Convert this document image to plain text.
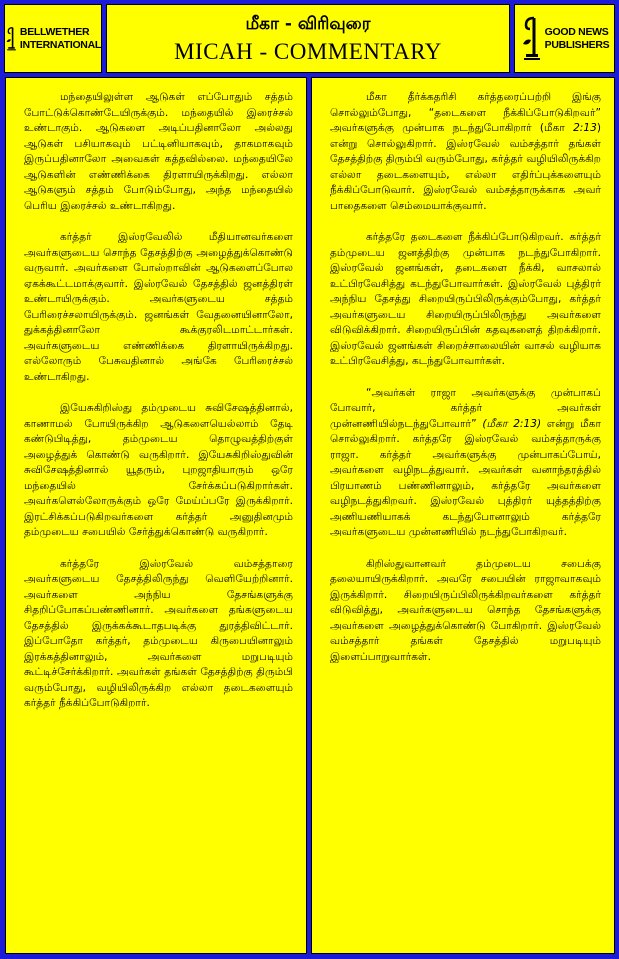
BELLWETHER
INTERNATIONAL
மீகா - விரிவுரை
MICAH - COMMENTARY
GOOD NEWS
PUBLISHERS

மந்தையிலுள்ள ஆடுகள் எப்போதும் சத்தம் போட்டுக்கொண்டேயிருக்கும். மந்தையில் இரைச்சல் உண்டாகும். ஆடுகளை அடிப்பதினாலோ அல்லது ஆடுகள் பசியாகவும் பட்டினியாகவும், தாகமாகவும் இருப்பதினாலோ அவைகள் கத்தவில்லை. மந்தையிலே ஆடுகளின் எண்ணிக்கை திரளாயிருக்கிறது. எல்லா ஆடுகளும் சத்தம் போடும்போது, அந்த மந்தையில் பெரிய இரைச்சல் உண்டாகிறது.

கர்த்தர் இஸ்ரவேலில் மீதியானவர்களை அவர்களுடைய சொந்த தேசத்திற்கு அழைத்துக்கொண்டு வருவார். அவர்களை போஸ்றாவின் ஆடுகளைப்போல ஏகக்கூட்டமாக்குவார். இஸ்ரவேல் தேசத்தில் ஜனத்திரள் உண்டாயிருக்கும். அவர்களுடைய சத்தம் பேரிரைச்சலாயிருக்கும். ஜனங்கள் வேதனையினாலோ, துக்கத்தினாலோ கூக்குரலிடமாட்டார்கள். அவர்களுடைய எண்ணிக்கை திரளாயிருக்கிறது. எல்லோரும் பேசுவதினால் அங்கே பேரிரைச்சல் உண்டாகிறது.

இயேசுகிறிஸ்து தம்முடைய சுவிசேஷத்தினால், காணாமல் போயிருக்கிற ஆடுகளையெல்லாம் தேடி கண்டுபிடித்து, தம்முடைய தொழுவத்திற்குள் அழைத்துக் கொண்டு வருகிறார். இயேசுகிறிஸ்துவின் சுவிசேஷத்தினால் யூதரும், புறஜாதியாரும் ஒரே மந்தையில் சேர்க்கப்படுகிறார்கள். அவர்களெல்லோருக்கும் ஒரே மேய்ப்பரே இருக்கிறார். இரட்சிக்கப்படுகிறவர்களை கர்த்தர் அனுதினமும் தம்முடைய சபையில் சேர்த்துக்கொண்டு வருகிறார்.

கர்த்தரே இஸ்ரவேல் வம்சத்தாரை அவர்களுடைய தேசத்திலிருந்து வெளியேற்றினார். அவர்களை அந்நிய தேசங்களுக்கு சிதறிப்போகப்பண்ணினார். அவர்களை தங்களுடைய தேசத்தில் இருக்கக்கூடாதபடிக்கு துரத்திவிட்டார். இப்போதோ கர்த்தர், தம்முடைய கிருபையினாலும் இரக்கத்தினாலும், அவர்களை மறுபடியும் கூட்டிச்சேர்க்கிறார். அவர்கள் தங்கள் தேசத்திற்கு திரும்பி வரும்போது, வழியிலிருக்கிற எல்லா தடைகளையும் கர்த்தர் நீக்கிப்போடுகிறார்.

மீகா தீர்க்கதரிசி கர்த்தரைப்பற்றி இங்கு சொல்லும்போது, “தடைகளை நீக்கிப்போடுகிறவர்” அவர்களுக்கு முன்பாக நடந்துபோகிறார் (மீகா 2:13) என்று சொல்லுகிறார். இஸ்ரவேல் வம்சத்தார் தங்கள் தேசத்திற்கு திரும்பி வரும்போது, கர்த்தர் வழியிலிருக்கிற எல்லா தடைகளையும், எல்லா எதிர்ப்புக்களையும் நீக்கிப்போடுவார். இஸ்ரவேல் வம்சத்தாருக்காக அவர் பாதைகளை செம்மையாக்குவார்.

கர்த்தரே தடைகளை நீக்கிப்போடுகிறவர். கர்த்தர் தம்முடைய ஜனத்திற்கு முன்பாக நடந்துபோகிறார். இஸ்ரவேல் ஜனங்கள், தடைகளை நீக்கி, வாசலால் உட்பிரவேசித்து கடந்துபோவார்கள். இஸ்ரவேல் புத்திரர் அந்நிய தேசத்து சிறையிருப்பிலிருக்கும்போது, கர்த்தர் அவர்களுடைய சிறையிருப்பிலிருந்து அவர்களை விடுவிக்கிறார். சிறையிருப்பின் கதவுகளைத் திறக்கிறார். இஸ்ரவேல் ஜனங்கள் சிறைச்சாலையின் வாசல் வழியாக உட்பிரவேசித்து, கடந்துபோவார்கள்.

“அவர்கள் ராஜா அவர்களுக்கு முன்பாகப் போவார், கர்த்தர் அவர்கள் முன்னணியில்நடந்துபோவார்” (மீகா 2:13) என்று மீகா சொல்லுகிறார். கர்த்தரே இஸ்ரவேல் வம்சத்தாருக்கு ராஜா. கர்த்தர் அவர்களுக்கு முன்பாகப்போய், அவர்களை வழிநடத்துவார். அவர்கள் வனாந்தரத்தில் பிரயாணம் பண்ணினாலும், கர்த்தரே அவர்களை வழிநடத்துகிறவர். இஸ்ரவேல் புத்திரர் யுத்தத்திற்கு அணியணியாகக் கடந்துபோனாலும் கர்த்தரே அவர்களுடைய முன்னணியில் நடந்துபோகிறவர்.

கிறிஸ்துவானவர் தம்முடைய சபைக்கு தலையாயிருக்கிறார். அவரே சபையின் ராஜாவாகவும் இருக்கிறார். சிறையிருப்பிலிருக்கிறவர்களை கர்த்தர் விடுவித்து, அவர்களுடைய சொந்த தேசங்களுக்கு அவர்களை அழைத்துக்கொண்டு போகிறார். இஸ்ரவேல் வம்சத்தார் தங்கள் தேசத்தில் மறுபடியும் இளைப்பாறுவார்கள்.
